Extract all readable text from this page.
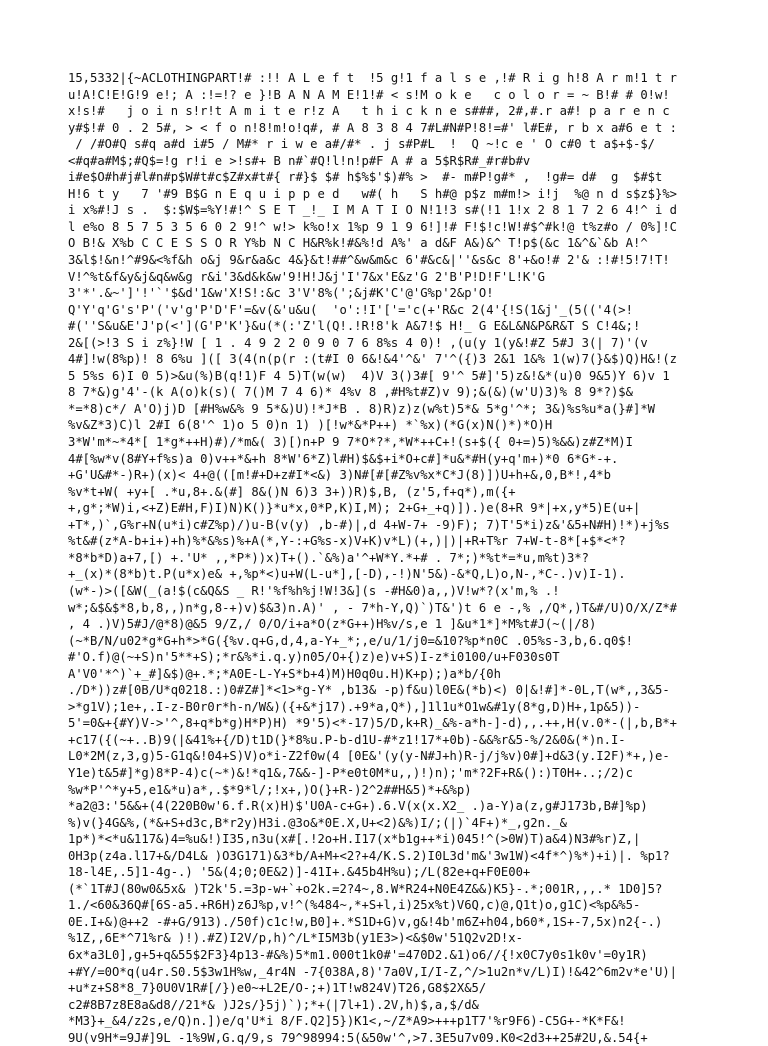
15,5332|{~ACLOTHINGPART!# :!! A L e f t  !5 g!1 f a l s e ,!# R i g h!8 A r m!1 t r
u!A!C!E!G!9 e!; A :!=!? e }!B A N A M E!1!# < s!M o k e   c o l o r = ~ B!# # 0!w!
x!s!#   j o i n s!r!t A m i t e r!z A   t h i c k n e s###, 2#,#.r a#! p a r e n c
y#$!# 0 . 2 5#, > < f o n!8!m!o!q#, # A 8 3 8 4 7#L#N#P!8!=#' l#E#, r b x a#6 e t :
/ /#O#Q s#q a#d i#5 / M#* r i w e a#/#* . j s#P#L  !  Q ~!c e ' O c#0 t a$+$-$/
<#q#a#M$;#Q$=!g r!i e >!s#+ B n#`#Q!l!n!p#F A # a 5$R$R#_#r#b#v
i#e$O#h#j#l#n#p$W#t#c$Z#x#t#{ r#}$ $# h$%$'$)#% >  #- m#P!g#* ,  !g#= d#  g  $#$t
H!6 t y   7 '#9 B$G n E q u i p p e d   w#( h   S h#@ p$z m#m!> i!j  %@ n d s$z$}%>
i x%#!J s .  $:$W$=%Y!#!^ S E T _!_ I M A T I O N!1!3 s#(!1 1!x 2 8 1 7 2 6 4!^ i d
l e%o 8 5 7 5 3 5 6 0 2 9!^ w!> k%o!x 1%p 9 1 9 6!]!# F!$!c!W!#$^#k!@ t%z#o / 0%]!C
O B!& X%b C C E S S O R Y%b N C H&R%k!#&%!d A%' a d&F A&)&^ T!p$(&c 1&^&`&b A!^
3&l$!&n!^#9&<%f&h o&j 9&r&a&c 4&}&t!##^&w&m&c 6'#&c&|''&s&c 8'+&o!# 2'& :!#!5!7!T!
V!^%t&f&y&j&q&w&g r&i'3&d&k&w'9!H!J&j'I'7&x'E&z'G 2'B'P!D!F'L!K'G
3'*'.&~']'!'`'$&d'1&w'X!S!:&c 3'V'8%(';&j#K'C'@'G%p'2&p'O!
Q'Y'q'G's'P'('v'g'P'D'F'=&v(&'u&u(  'o':!I'['='c(+'R&c 2(4'{!S(1&j'_(5(('4(>!
#(''S&u&E'J'p(<'](G'P'K'}&u(*(:'Z'l(Q!.!R!8'k A&7!$ H!_ G E&L&N&P&R&T S C!4&;!
2&[(>!3 S i z%}!W [ 1 . 4 9 2 2 0 9 0 7 6 8%s 4 0)! ,(u(y 1(y&!#Z 5#J 3(| 7)'(v
4#]!w(8%p)! 8 6%u ]([ 3(4(n(p(r :(t#I 0 6&!&4'^&' 7'^({)3 2&1 1&% 1(w)7(}&$)Q)H&!(z
5 5%s 6)I 0 5)>&u(%)B(q!1)F 4 5)T(w(w)  4)V 3()3#[ 9'^ 5#]'5)z&!&*(u)0 9&5)Y 6)v 1
8 7*&)g'4'-(k A(o)k(s)( 7()M 7 4 6)* 4%v 8 ,#H%t#Z)v 9);&(&)(w'U)3)% 8 9*?)$&
*=*8)c*/ A'O)j)D [#H%w&% 9 5*&)U)!*J*B . 8)R)z)z(w%t)5*& 5*g'^*; 3&)%s%u*a(}#]*W
%v&Z*3)C)l 2#I 6(8'^ 1)o 5 0)n 1) )[!w*&*P++) *`%x)(*G(x)N()*)*O)H
3*W'm*~*4*[ 1*g*++H)#)/*m&( 3)[)n+P 9 7*O*?*,*W*++C+!(s+$({ 0+=)5)%&&)z#Z*M)I
4#[%w*v(8#Y+f%s)a 0)v++*&+h 8*W'6*Z)l#H)$&$+i*O+c#]*u&*#H(y+q'm+)*0 6*G*-+.
+G'U&#*-)R+)(x)< 4+@(([m!#+D+z#I*<&) 3)N#[#[#Z%v%x*C*J(8)])U+h+&,0,B*!,4*b
%v*t+W( +y+[ .*u,8+.&(#] 8&()N 6)3 3+))R)$,B, (z'5,f+q*),m({+
+,g*;*W)i,<+Z)E#H,F)I)N)K()}*u*x,0*P,K)I,M); 2+G+_+q)]).)e(8+R 9*|+x,y*5)E(u+|
+T*,)`,G%r+N(u*i)c#Z%p)/)u-B(v(y) ,b-#)|,d 4+W-7+ -9)F); 7)T'5*i)z&'&5+N#H)!*)+j%s
%t&#(z*A-b+i+)+h)%*&%s)%+A(*,Y-:+G%s-x)V+K)v*L)(+,)|)|+R+T%r 7+W-t-8*[+$*<*?
*8*b*D)a+7,[) +.'U* ,,*P*))x)T+().`&%)a'^+W*Y.*+# . 7*;)*%t*=*u,m%t)3*?
+_(x)*(8*b)t.P(u*x)e& +,%p*<)u+W(L-u*],[-D),-!)N'5&)-&*Q,L)o,N-,*C-.)v)I-1).
(w*-)>([&W(_(a!$(c&Q&S _ R!'%f%h%j!W!3&](s -#H&0)a,,)V!w*?(x'm,% .!
w*;&$&$*8,b,8,,)n*g,8-+)v)$&3)n.A)' , - 7*h-Y,Q)`)T&')t 6 e -,% ,/Q*,)T&#/U)O/X/Z*#
, 4 .)V)5#J/@*8)@&5 9/Z,/ 0/O/i+a*O(z*G++)H%v/s,e 1 ]&u*1*]*M%t#J(~(|/8)
(~*B/N/u02*g*G+h*>*G({%v.q+G,d,4,a-Y+_*;,e/u/1/j0=&10?%p*n0C .05%s-3,b,6.q0$!
#'O.f)@(~+S)n'5**+S);*r&%*i.q.y)n05/O+{)z)e)v+S)I-z*i0100/u+F030s0T
A'V0'*^)`+_#]&$)@+.*;*A0E-L-Y+S*b+4)M)H0q0u.H)K+p);)a*b/{0h
./D*))z#[0B/U*q0218.:)0#Z#]*<1>*g-Y* ,b13& -p)f&u)l0E&(*b)<) 0|&!#]*-0L,T(w*,,3&5-
>*g1V);1e+,.I-z-B0r0r*h-n/W&)({+&*j17).+9*a,Q*),]1l1u*O1w&#1y(8*g,D)H+,1p&5))-
5'=0&+{#Y)V->'^,8+q*b*g)H*P)H) *9'5)<*-17)5/D,k+R)_&%-a*h-]-d),,.++,H(v.0*-(|,b,B*+
+c17({(~+..B)9(|&41%+{/D)t1D(}*8%u.P-b-d1U-#*z1!17*+0b)-&&%r&5-%/2&0&(*)n.I-
L0*2M(z,3,g)5-G1q&!04+S)V)o*i-Z2f0w(4 [0E&'(y(y-N#J+h)R-j/j%v)0#]+d&3(y.I2F)*+,)e-
Y1e)t&5#]*g)8*P-4)c(~*)&!*q1&,7&&-]-P*e0t0M*u,,)!)n);'m*?2F+R&():)T0H+..;/2)c
%w*P'^*y+5,e1&*u)a*,.$*9*l/;!x+,)O(}+R-)2^2##H&5)*+&%p)
*a2@3:'5&&+(4(220B0w'6.f.R(x)H)$'U0A-c+G+).6.V(x(x.X2_ .)a-Y)a(z,g#J173b,B#]%p)
%)v(}4G&%,(*&+S+d3c,B*r2y)H3i.@3o&*0E.X,U+<2)&%)I/;(|)`4F+)*_,g2n._&
1p*)*<*u&117&)4=%u&!)I35,n3u(x#[.!2o+H.I17(x*b1g++*i)045!^(>0W)T)a&4)N3#%r)Z,|
0H3p(z4a.l17+&/D4L& )O3G171)&3*b/A+M+<2?+4/K.S.2)I0L3d'm&'3w1W)<4f*^)%*)+i)|. %p1?
18-l4E,.5]1-4g-.) '5&(4;0;0E&2)]-41I+.&45b4H%u);/L(82e+q+F0E00+
(*`1T#J(80w0&5x& )T2k'5.=3p-w+`+o2k.=2?4~,8.W*R24+N0E4Z&&)K5}-.*;001R,,,.* 1D0]5?
1./<60&36Q#[6S-a5.+R6H)z6J%p,v!^(%484~,*+S+l,i)25x%t)V6Q,c)@,Q1t)o,g1C)<%p&%5-
0E.I+&)@++2 -#+G/913)./50f)c1c!w,B0]+.*S1D+G)v,g&!4b'm6Z+h04,b60*,1S+-7,5x)n2{-.)
%1Z,,6E*^71%r& )!).#Z)I2V/p,h)^/L*I5M3b(y1E3>)<&$0w'51Q2v2D!x-
6x*a3L0],g+5+q&55$2F3}4p13-#&%)5*m1.000t1k0#'=470D2.&1)o6//{!x0C7y0s1k0v'=0y1R)
+#Y/=0O*q(u4r.S0.5$3w1H%w,_4r4N -7{038A,8)'7a0V,I/I-Z,^/>1u2n*v/L)I)!&42^6m2v*e'U)|
+u*z+S8*8_7}0U0V1R#[/})e0~+L2E/O-;+)1T!w824V)T26,G8$2X&5/
c2#8B7z8E8a&d8//21*& )J2s/}5j)`);*+(|7l+1).2V,h)$,a,$/d&
*M3}+_&4/z2s,e/Q)n.])e/q'U*i 8/F.Q2]5})K1<,~/Z*A9>+++p1T7'%r9F6)-C5G+-*K*F&!
9U(v9H*=9J#]9L -1%9W,G.q/9,s 79^98994:5(&50w'^,>7.3E5u7v09.K0<2d3++25#2U,&.54{+
